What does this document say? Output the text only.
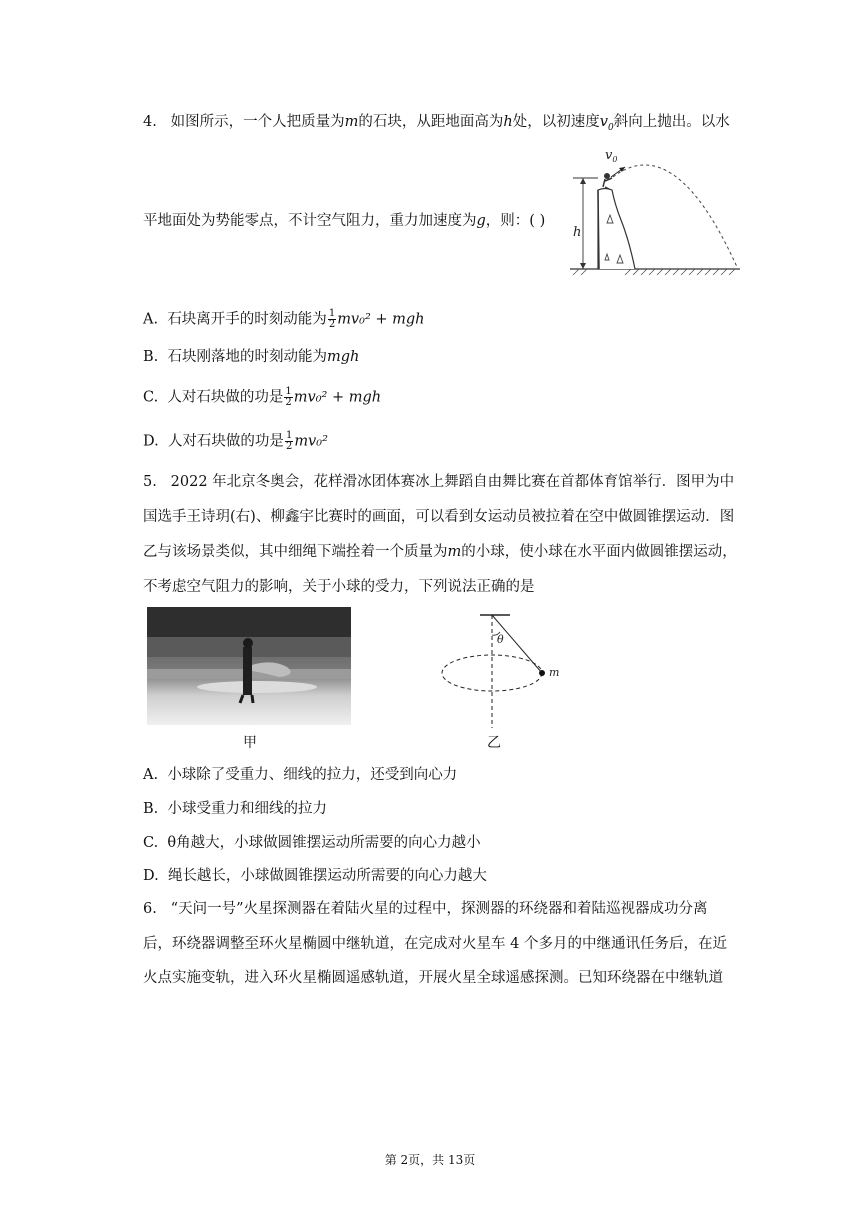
4. 如图所示，一个人把质量为m的石块，从距地面高为h处，以初速度$v_0$斜向上抛出。以水
平地面处为势能零点，不计空气阻力，重力加速度为g，则：( )
h
$v_0$
A. 石块离开手的时刻动能为 $\frac{1}{2} mv_0^2$ + mgh
B. 石块刚落地的时刻动能为mgh
C. 人对石块做的功是 $\frac{1}{2} mv_0^2$ + mgh
D. 人对石块做的功是 $\frac{1}{2} mv_0^2$
5. 2022 年北京冬奥会，花样滑冰团体赛冰上舞蹈自由舞比赛在首都体育馆举行．图甲为中
国选手王诗玥(右)、柳鑫宇比赛时的画面，可以看到女运动员被拉着在空中做圆锥摆运动．图
乙与该场景类似，其中细绳下端拴着一个质量为m的小球，使小球在水平面内做圆锥摆运动，
不考虑空气阻力的影响，关于小球的受力，下列说法正确的是
θ
m
甲	乙
A. 小球除了受重力、细线的拉力，还受到向心力
B. 小球受重力和细线的拉力
C. θ角越大，小球做圆锥摆运动所需要的向心力越小
D. 绳长越长，小球做圆锥摆运动所需要的向心力越大
6. “天问一号”火星探测器在着陆火星的过程中，探测器的环绕器和着陆巡视器成功分离
后，环绕器调整至环火星椭圆中继轨道，在完成对火星车 4 个多月的中继通讯任务后，在近
火点实施变轨，进入环火星椭圆遥感轨道，开展火星全球遥感探测。已知环绕器在中继轨道
第 2页，共 13页
